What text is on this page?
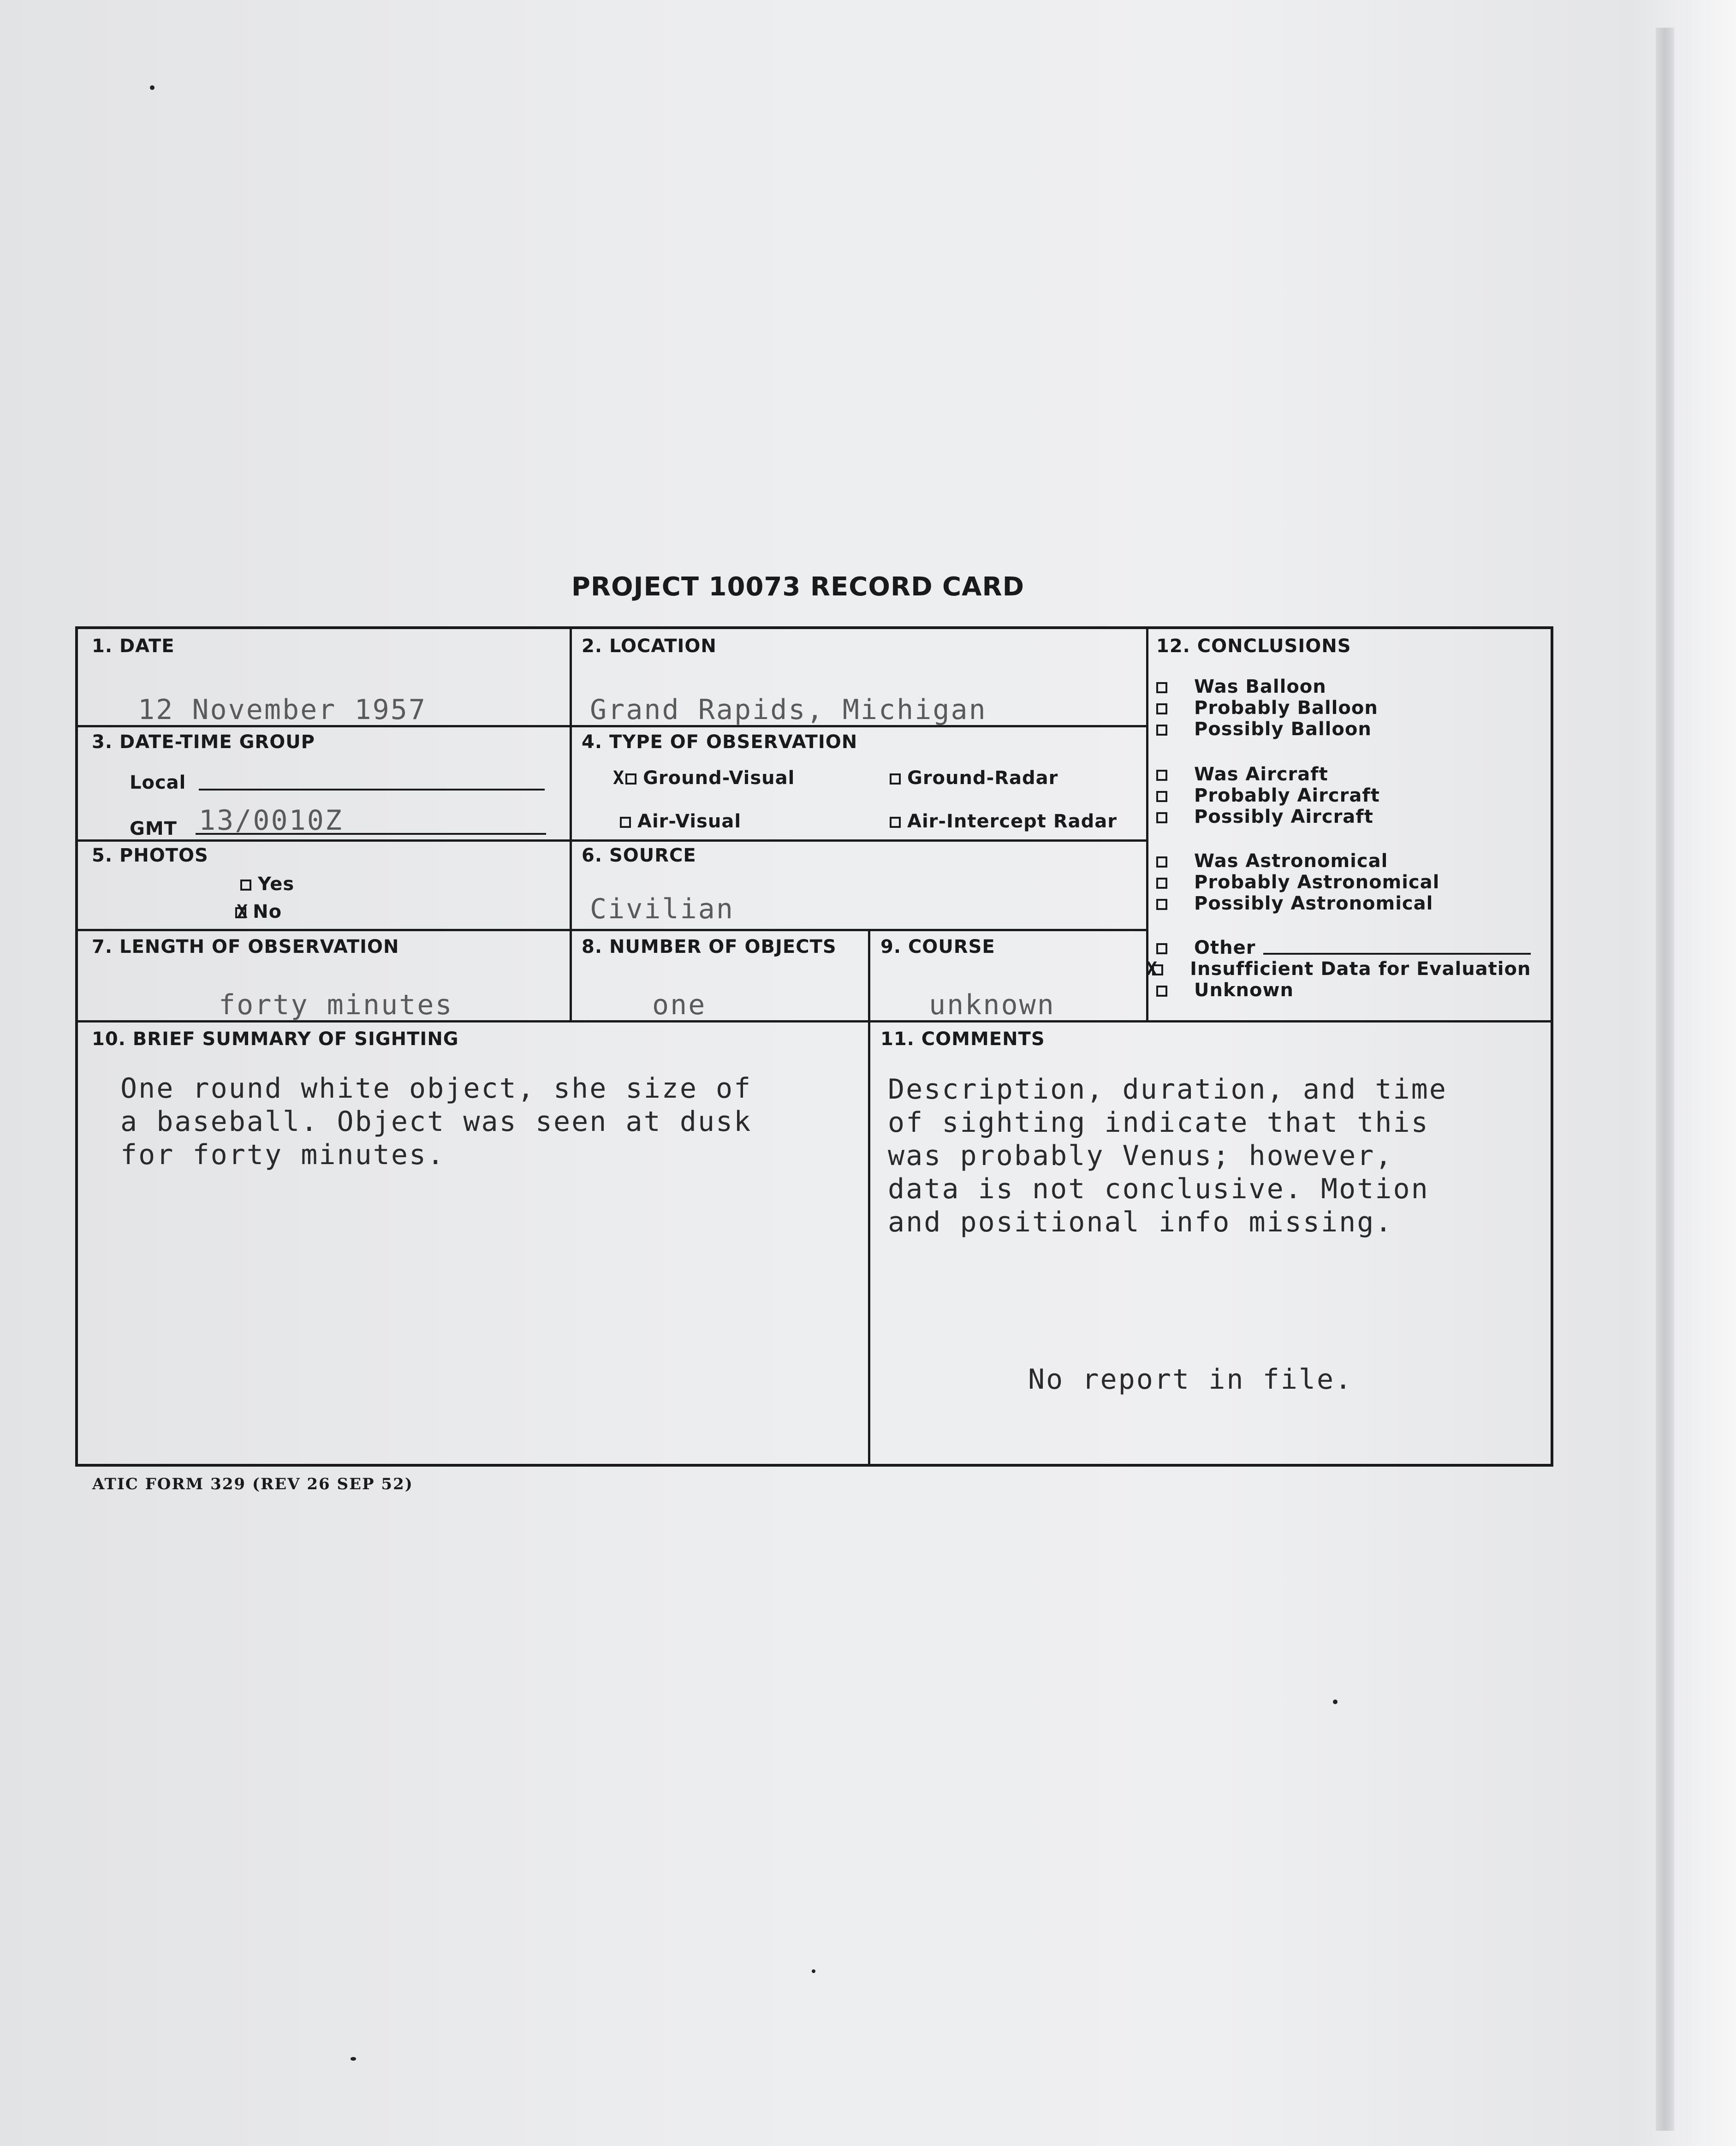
PROJECT 10073 RECORD CARD
1. DATE
12 November 1957
2. LOCATION
Grand Rapids, Michigan
3. DATE-TIME GROUP
Local
GMT 13/0010Z
4. TYPE OF OBSERVATION
X Ground-Visual	Ground-Radar
Air-Visual	Air-Intercept Radar
5. PHOTOS
Yes
X No
6. SOURCE
Civilian
7. LENGTH OF OBSERVATION
forty minutes
8. NUMBER OF OBJECTS
one
9. COURSE
unknown
12. CONCLUSIONS
Was Balloon
Probably Balloon
Possibly Balloon
Was Aircraft
Probably Aircraft
Possibly Aircraft
Was Astronomical
Probably Astronomical
Possibly Astronomical
Other
X Insufficient Data for Evaluation
Unknown
10. BRIEF SUMMARY OF SIGHTING
One round white object, she size of
a baseball. Object was seen at dusk
for forty minutes.
11. COMMENTS
Description, duration, and time
of sighting indicate that this
was probably Venus; however,
data is not conclusive. Motion
and positional info missing.
No report in file.
ATIC FORM 329 (REV 26 SEP 52)
